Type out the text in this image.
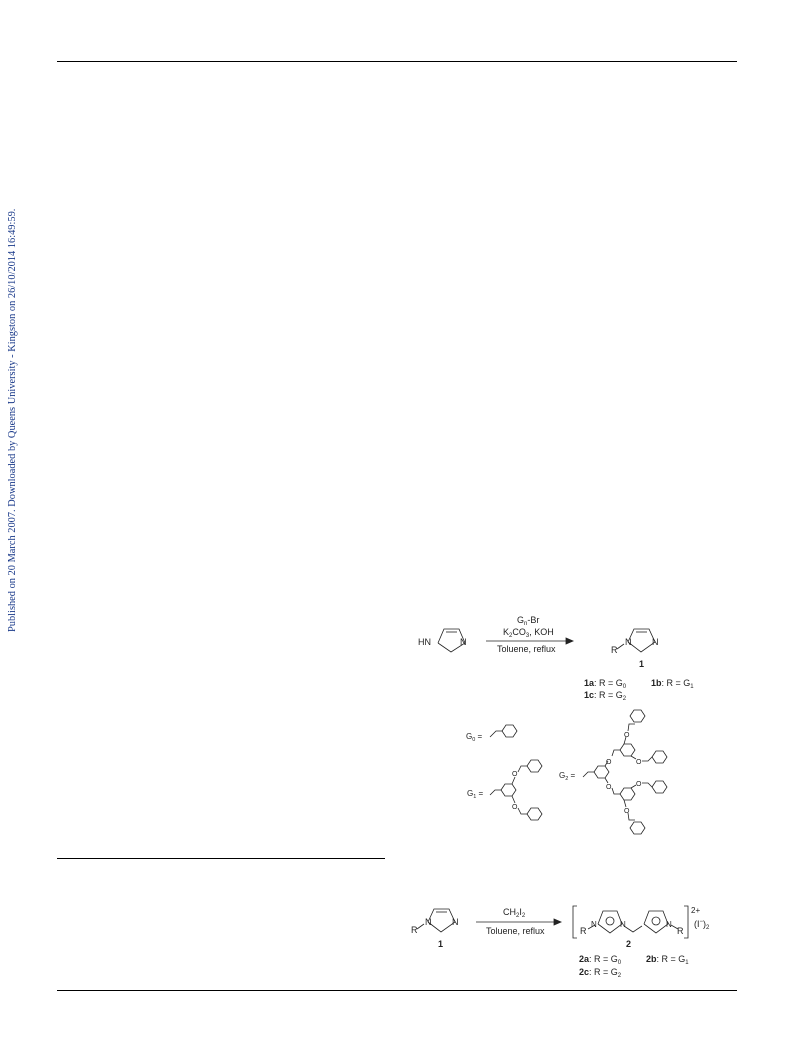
Published on 20 March 2007. Downloaded by Queens University - Kingston on 26/10/2014 16:49:59.
HN	N
$G_n-Br$
$K_2CO_3$, KOH
Toluene, reflux	R
N N
1
1a: $R = G_0$	1b: $R = G_1$
1c: $R = G_2$
$G_0$ =
$G_1$ =
O
O
$G_2$ =
O
O
O
O
O
O
R
N N
1
$CH_2I_2$
Toluene, reflux	R
N	N	N
R
2+
$(I^-)_2$
2
2a: $R = G_0$	2b: $R = G_1$
2c: $R = G_2$
